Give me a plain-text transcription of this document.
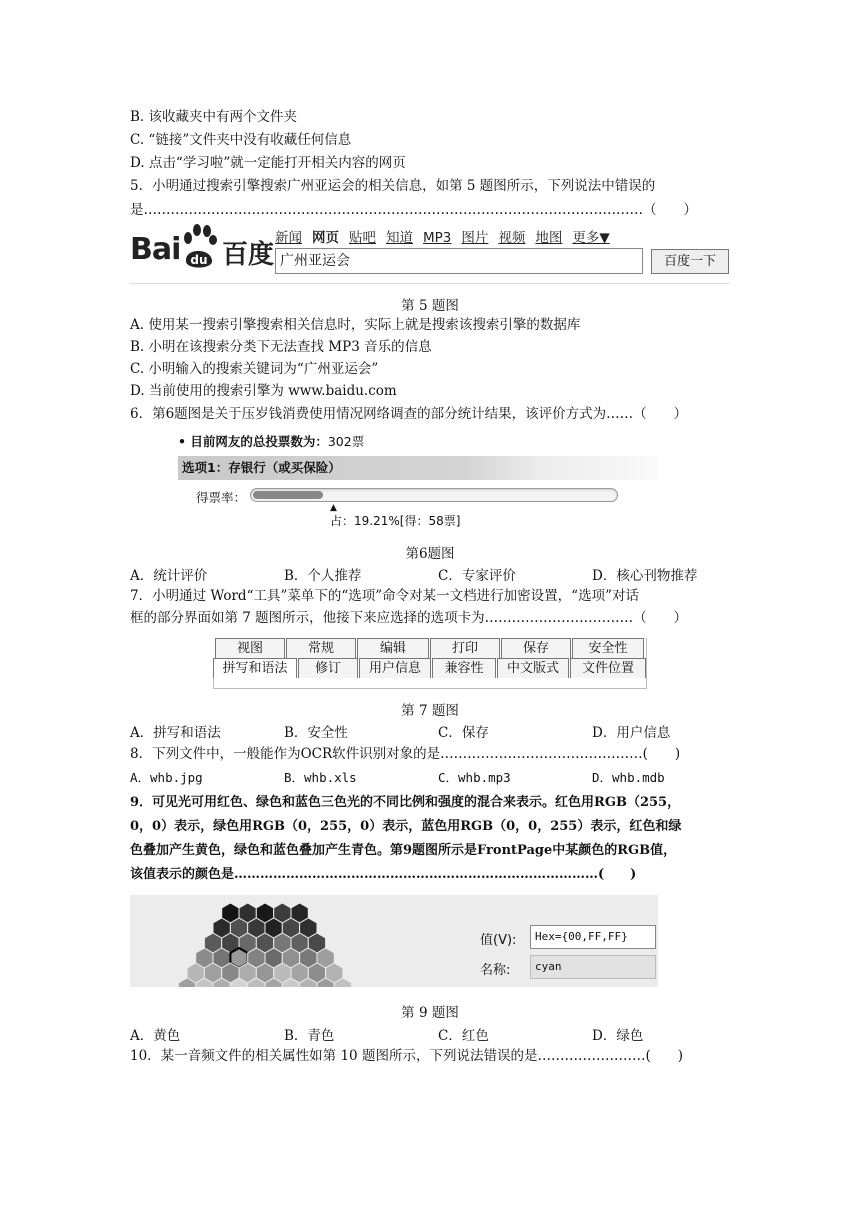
B. 该收藏夹中有两个文件夹
C. “链接”文件夹中没有收藏任何信息
D. 点击“学习啦”就一定能打开相关内容的网页
5．小明通过搜索引擎搜索广州亚运会的相关信息，如第 5 题图所示，下列说法中错误的
是…………………………………………………………………………………………………（　　）
Bai du 百度
新闻 网页 贴吧 知道 MP3 图片 视频 地图 更多▼
广州亚运会	百度一下
第 5 题图
A. 使用某一搜索引擎搜索相关信息时，实际上就是搜索该搜索引擎的数据库
B. 小明在该搜索分类下无法查找 MP3 音乐的信息
C. 小明输入的搜索关键词为“广州亚运会”
D. 当前使用的搜索引擎为 www.baidu.com
6．第6题图是关于压岁钱消费使用情况网络调查的部分统计结果，该评价方式为……（　　）
• 目前网友的总投票数为：302票
选项1：存银行（或买保险）
得票率：
▲
占：19.21%[得：58票]
第6题图
A．统计评价	B．个人推荐	C．专家评价	D．核心刊物推荐
7．小明通过 Word“工具”菜单下的“选项”命令对某一文档进行加密设置，“选项”对话
框的部分界面如第 7 题图所示，他接下来应选择的选项卡为……………………………（　　）
视图	常规	编辑	打印	保存	安全性
拼写和语法	修订	用户信息	兼容性	中文版式	文件位置
第 7 题图
A．拼写和语法	B．安全性	C．保存	D．用户信息
8．下列文件中，一般能作为OCR软件识别对象的是………………………………………(　　)
A．whb.jpg	B．whb.xls	C．whb.mp3	D．whb.mdb
9．可见光可用红色、绿色和蓝色三色光的不同比例和强度的混合来表示。红色用RGB（255，
0，0）表示，绿色用RGB（0，255，0）表示，蓝色用RGB（0，0，255）表示，红色和绿
色叠加产生黄色，绿色和蓝色叠加产生青色。第9题图所示是FrontPage中某颜色的RGB值，
该值表示的颜色是…………………………………………………………………………(　　)
值(V):	Hex={00,FF,FF}
名称:	cyan
第 9 题图
A．黄色	B．青色	C．红色	D．绿色
10．某一音频文件的相关属性如第 10 题图所示，下列说法错误的是……………………(　　)
